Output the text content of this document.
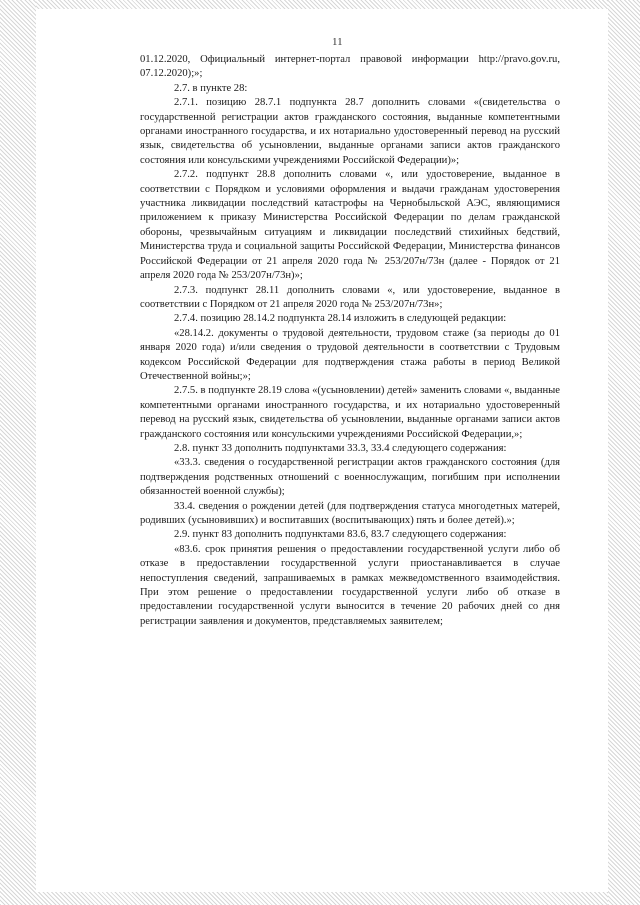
11

01.12.2020, Официальный интернет-портал правовой информации http://pravo.gov.ru, 07.12.2020);»;

2.7. в пункте 28:

2.7.1. позицию 28.7.1 подпункта 28.7 дополнить словами «(свидетельства о государственной регистрации актов гражданского состояния, выданные компетентными органами иностранного государства, и их нотариально удостоверенный перевод на русский язык, свидетельства об усыновлении, выданные органами записи актов гражданского состояния или консульскими учреждениями Российской Федерации)»;

2.7.2. подпункт 28.8 дополнить словами «, или удостоверение, выданное в соответствии с Порядком и условиями оформления и выдачи гражданам удостоверения участника ликвидации последствий катастрофы на Чернобыльской АЭС, являющимися приложением к приказу Министерства Российской Федерации по делам гражданской обороны, чрезвычайным ситуациям и ликвидации последствий стихийных бедствий, Министерства труда и социальной защиты Российской Федерации, Министерства финансов Российской Федерации от 21 апреля 2020 года № 253/207н/73н (далее - Порядок от 21 апреля 2020 года № 253/207н/73н)»;

2.7.3. подпункт 28.11 дополнить словами «, или удостоверение, выданное в соответствии с Порядком от 21 апреля 2020 года № 253/207н/73н»;

2.7.4. позицию 28.14.2 подпункта 28.14 изложить в следующей редакции:

«28.14.2. документы о трудовой деятельности, трудовом стаже (за периоды до 01 января 2020 года) и/или сведения о трудовой деятельности в соответствии с Трудовым кодексом Российской Федерации для подтверждения стажа работы в период Великой Отечественной войны;»;

2.7.5. в подпункте 28.19 слова «(усыновлении) детей» заменить словами «, выданные компетентными органами иностранного государства, и их нотариально удостоверенный перевод на русский язык, свидетельства об усыновлении, выданные органами записи актов гражданского состояния или консульскими учреждениями Российской Федерации,»;

2.8. пункт 33 дополнить подпунктами 33.3, 33.4 следующего содержания:

«33.3. сведения о государственной регистрации актов гражданского состояния (для подтверждения родственных отношений с военнослужащим, погибшим при исполнении обязанностей военной службы);

33.4. сведения о рождении детей (для подтверждения статуса многодетных матерей, родивших (усыновивших) и воспитавших (воспитывающих) пять и более детей).»;

2.9. пункт 83 дополнить подпунктами 83.6, 83.7 следующего содержания:

«83.6. срок принятия решения о предоставлении государственной услуги либо об отказе в предоставлении государственной услуги приостанавливается в случае непоступления сведений, запрашиваемых в рамках межведомственного взаимодействия. При этом решение о предоставлении государственной услуги либо об отказе в предоставлении государственной услуги выносится в течение 20 рабочих дней со дня регистрации заявления и документов, представляемых заявителем;
